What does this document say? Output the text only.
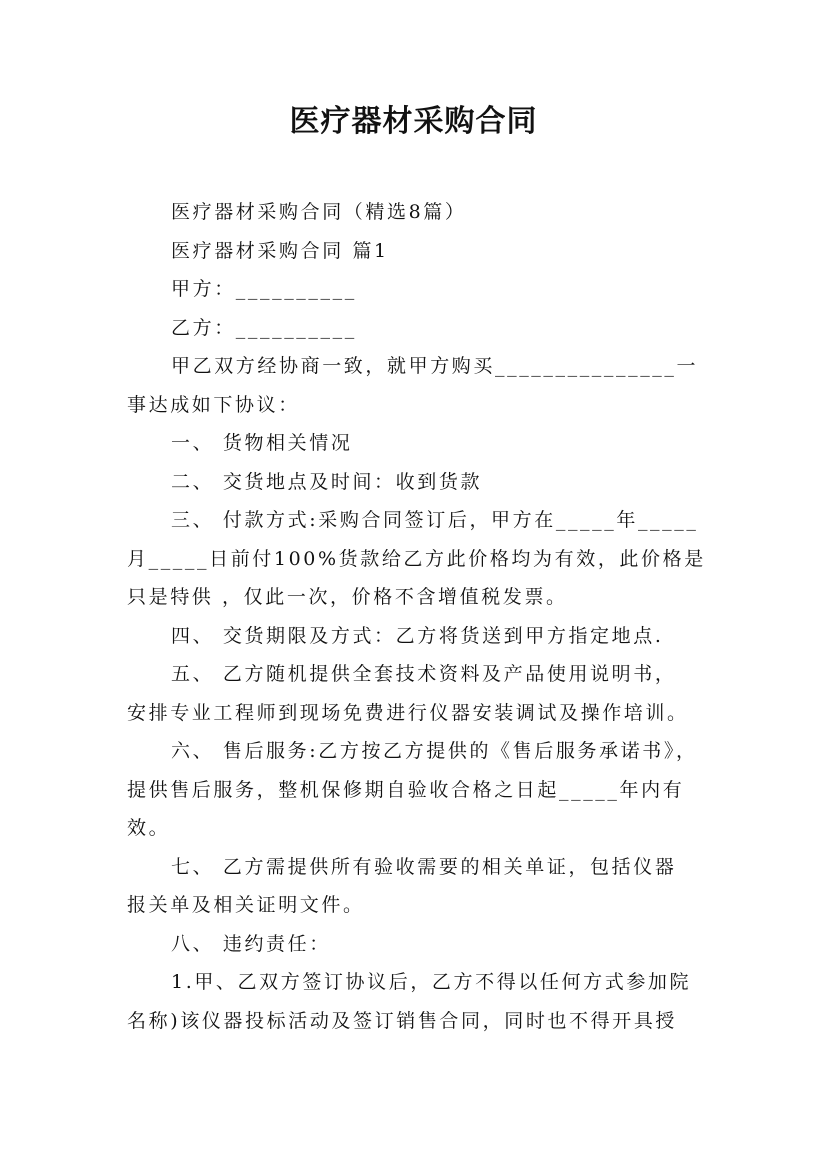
医疗器材采购合同

医疗器材采购合同（精选8篇）

医疗器材采购合同 篇1

甲方：__________

乙方：__________

甲乙双方经协商一致，就甲方购买_______________一

事达成如下协议：

一、 货物相关情况

二、 交货地点及时间：收到货款

三、 付款方式:采购合同签订后，甲方在_____年_____

月_____日前付100%货款给乙方此价格均为有效，此价格是

只是特供 ，仅此一次，价格不含增值税发票。

四、 交货期限及方式：乙方将货送到甲方指定地点.

五、 乙方随机提供全套技术资料及产品使用说明书，

安排专业工程师到现场免费进行仪器安装调试及操作培训。

六、 售后服务:乙方按乙方提供的《售后服务承诺书》，

提供售后服务，整机保修期自验收合格之日起_____年内有

效。

七、 乙方需提供所有验收需要的相关单证，包括仪器

报关单及相关证明文件。

八、 违约责任：

1.甲、乙双方签订协议后，乙方不得以任何方式参加院

名称)该仪器投标活动及签订销售合同，同时也不得开具授
